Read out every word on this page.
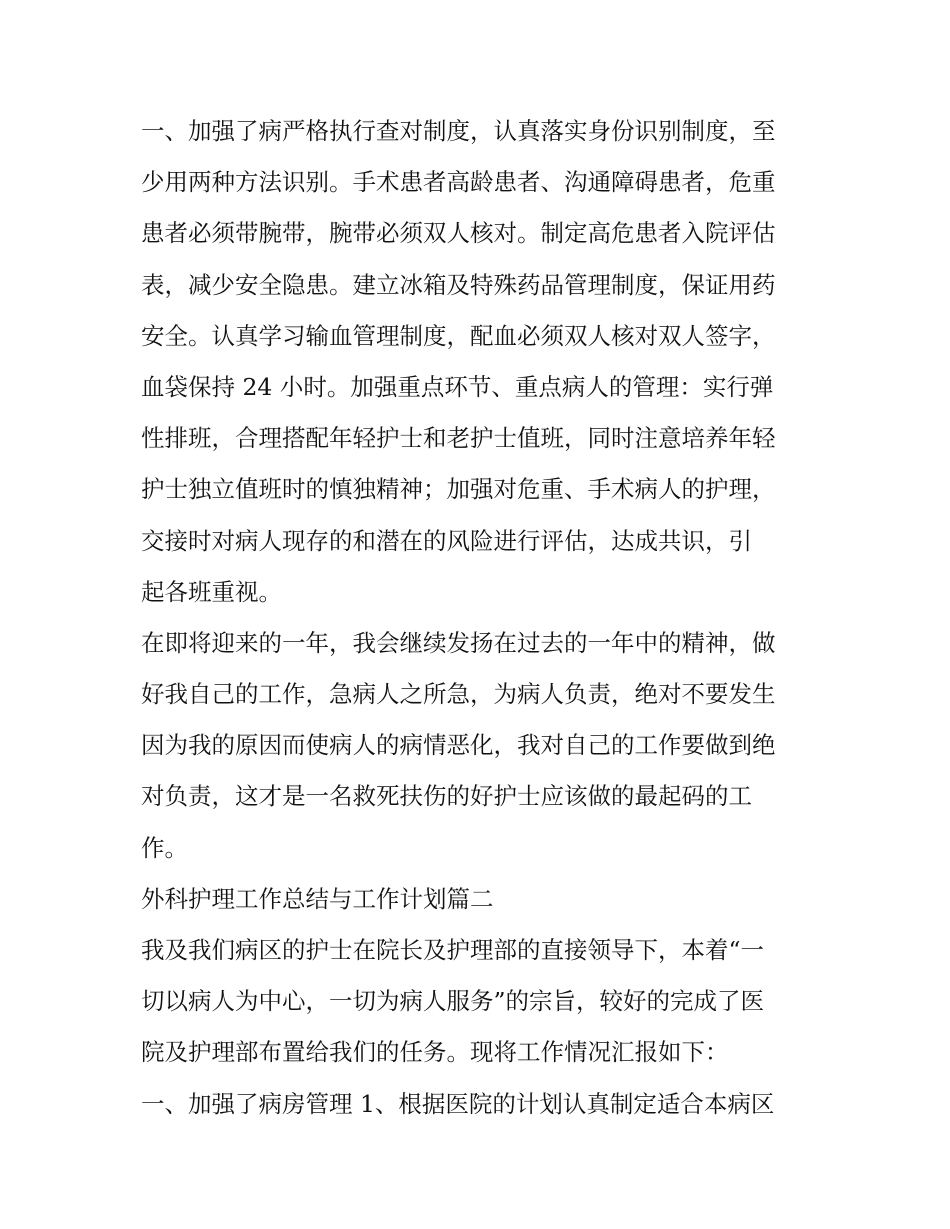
一、加强了病严格执行查对制度，认真落实身份识别制度，至
少用两种方法识别。手术患者高龄患者、沟通障碍患者，危重
患者必须带腕带，腕带必须双人核对。制定高危患者入院评估
表，减少安全隐患。建立冰箱及特殊药品管理制度，保证用药
安全。认真学习输血管理制度，配血必须双人核对双人签字，
血袋保持 24 小时。加强重点环节、重点病人的管理：实行弹
性排班，合理搭配年轻护士和老护士值班，同时注意培养年轻
护士独立值班时的慎独精神；加强对危重、手术病人的护理，
交接时对病人现存的和潜在的风险进行评估，达成共识，引
起各班重视。
在即将迎来的一年，我会继续发扬在过去的一年中的精神，做
好我自己的工作，急病人之所急，为病人负责，绝对不要发生
因为我的原因而使病人的病情恶化，我对自己的工作要做到绝
对负责，这才是一名救死扶伤的好护士应该做的最起码的工
作。
外科护理工作总结与工作计划篇二
我及我们病区的护士在院长及护理部的直接领导下，本着“一
切以病人为中心，一切为病人服务”的宗旨，较好的完成了医
院及护理部布置给我们的任务。现将工作情况汇报如下：
一、加强了病房管理 1、根据医院的计划认真制定适合本病区
